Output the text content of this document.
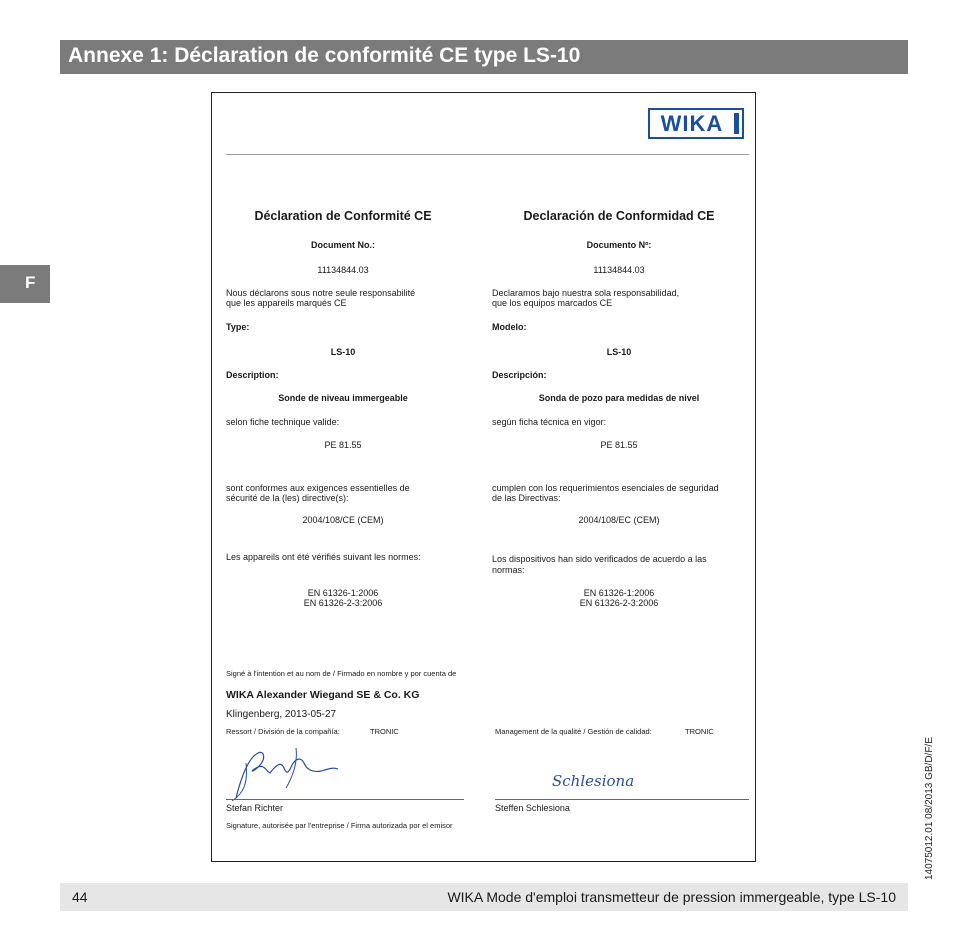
Annexe 1: Déclaration de conformité CE type LS-10
F
WIKA
Déclaration de Conformité CE
Document No.:
11134844.03
Nous déclarons sous notre seule responsabilité
que les appareils marqués CE
Type:
LS-10
Description:
Sonde de niveau immergeable
selon fiche technique valide:
PE 81.55
sont conformes aux exigences essentielles de
sécurité de la (les) directive(s):
2004/108/CE (CEM)
Les appareils ont été vérifiés suivant les normes:
EN 61326-1:2006
EN 61326-2-3:2006
Declaración de Conformidad CE
Documento Nº:
11134844.03
Declaramos bajo nuestra sola responsabilidad,
que los equipos marcados CE
Modelo:
LS-10
Descripción:
Sonda de pozo para medidas de nivel
según ficha técnica en vigor:
PE 81.55
cumplen con los requerimientos esenciales de seguridad
de las Directivas:
2004/108/EC (CEM)
Los dispositivos han sido verificados de acuerdo a las
normas:
EN 61326-1:2006
EN 61326-2-3:2006
Signé à l'intention et au nom de / Firmado en nombre y por cuenta de
WIKA Alexander Wiegand SE & Co. KG
Klingenberg, 2013-05-27
Ressort / División de la compañía:	TRONIC	Management de la qualité / Gestión de calidad:	TRONIC
Schlesiona
Stefan Richter	Steffen Schlesiona
Signature, autorisée par l'entreprise / Firma autorizada por el emisor	14075012.01 08/2013 GB/D/F/E
44	WIKA Mode d'emploi transmetteur de pression immergeable, type LS-10
